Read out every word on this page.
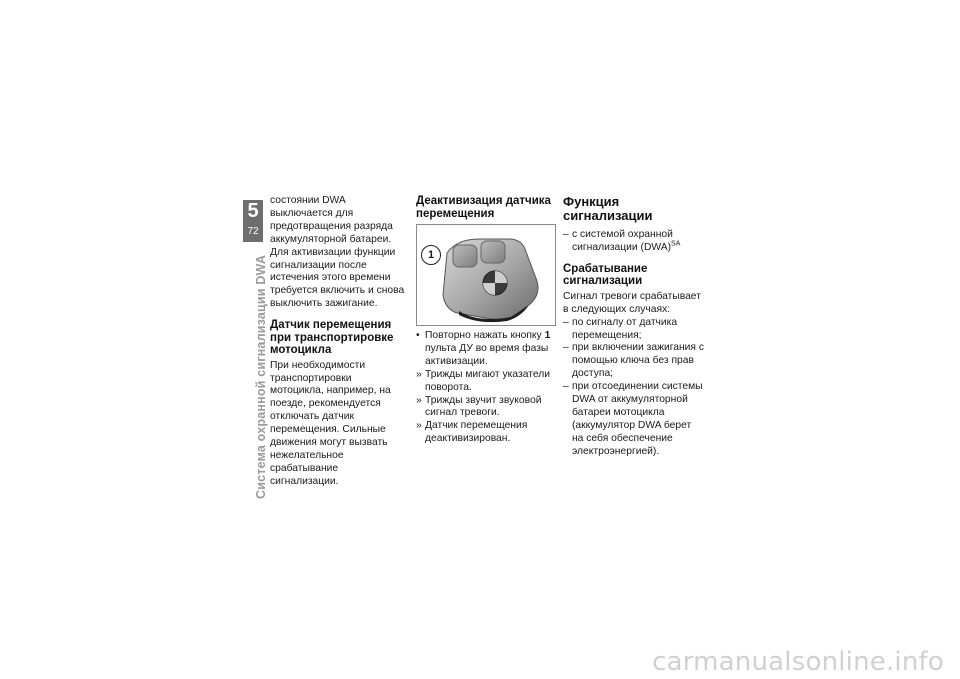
5
72
Система охранной сигнализации DWA

состоянии DWA выключается для предотвращения разряда аккумуляторной батареи. Для активизации функции сигнализации после истечения этого времени требуется включить и снова выключить зажигание.

Датчик перемещения при транспортировке мотоцикла

При необходимости транспортировки мотоцикла, например, на поезде, рекомендуется отключать датчик перемещения. Сильные движения могут вызвать нежелательное срабатывание сигнализации.

Деактивизация датчика перемещения
1
• Повторно нажать кнопку 1 пульта ДУ во время фазы активизации.
» Трижды мигают указатели поворота.
» Трижды звучит звуковой сигнал тревоги.
» Датчик перемещения деактивизирован.
Функция сигнализации
– с системой охранной сигнализации (DWA)$^{SA}$
Срабатывание сигнализации

Сигнал тревоги срабатывает в следующих случаях:

– по сигналу от датчика перемещения;
– при включении зажигания с помощью ключа без прав доступа;
– при отсоединении системы DWA от аккумуляторной батареи мотоцикла (аккумулятор DWA берет на себя обеспечение электроэнергией).
carmanualsonline.info
